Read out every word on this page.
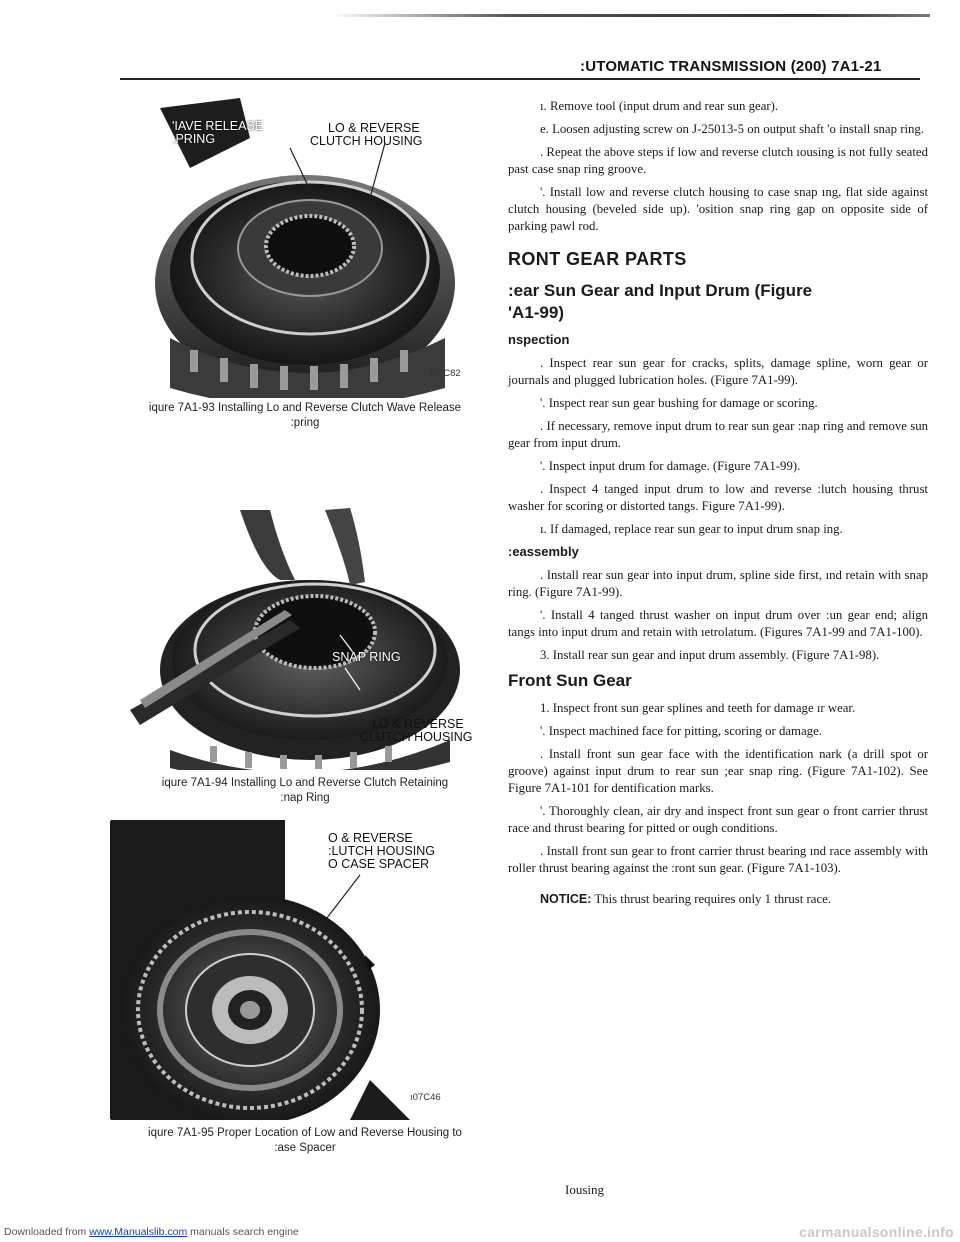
:UTOMATIC TRANSMISSION (200) 7A1-21
'IAVE RELEASE
:PRING
LO & REVERSE
CLUTCH HOUSING
ı07C82
iqure 7A1-93 Installing Lo and Reverse Clutch Wave Release
:pring
SNAP RING
LO & REVERSE
CLUTCH HOUSING
iqure 7A1-94 Installing Lo and Reverse Clutch Retaining
:nap Ring
O & REVERSE
:LUTCH HOUSING
O CASE SPACER
ı07C46
iqure 7A1-95 Proper Location of Low and Reverse Housing to
:ase Spacer

ı. Remove tool (input drum and rear sun gear).

e. Loosen adjusting screw on J-25013-5 on output shaft 'o install snap ring.

. Repeat the above steps if low and reverse clutch ıousing is not fully seated past case snap ring groove.

'. Install low and reverse clutch housing to case snap ıng, flat side against clutch housing (beveled side up). 'osition snap ring gap on opposite side of parking pawl rod.

RONT GEAR PARTS
:ear Sun Gear and Input Drum (Figure
'A1-99)
nspection

. Inspect rear sun gear for cracks, splits, damage spline, worn gear or journals and plugged lubrication holes. (Figure 7A1-99).

'. Inspect rear sun gear bushing for damage or scoring.

. If necessary, remove input drum to rear sun gear :nap ring and remove sun gear from input drum.

'. Inspect input drum for damage. (Figure 7A1-99).

. Inspect 4 tanged input drum to low and reverse :lutch housing thrust washer for scoring or distorted tangs. Figure 7A1-99).

ı. If damaged, replace rear sun gear to input drum snap ing.

:eassembly

. Install rear sun gear into input drum, spline side first, ınd retain with snap ring. (Figure 7A1-99).

'. Install 4 tanged thrust washer on input drum over :un gear end; align tangs into input drum and retain with ıetrolatum. (Figures 7A1-99 and 7A1-100).

3. Install rear sun gear and input drum assembly. (Figure 7A1-98).

Front Sun Gear

1. Inspect front sun gear splines and teeth for damage ır wear.

'. Inspect machined face for pitting, scoring or damage.

. Install front sun gear face with the identification nark (a drill spot or groove) against input drum to rear sun ;ear snap ring. (Figure 7A1-102). See Figure 7A1-101 for dentification marks.

'. Thoroughly clean, air dry and inspect front sun gear o front carrier thrust race and thrust bearing for pitted or ough conditions.

. Install front sun gear to front carrier thrust bearing ınd race assembly with roller thrust bearing against the :ront sun gear. (Figure 7A1-103).

NOTICE: This thrust bearing requires only 1 thrust race.

Iousing
Downloaded from www.Manualslib.com manuals search engine	carmanualsonline.info
